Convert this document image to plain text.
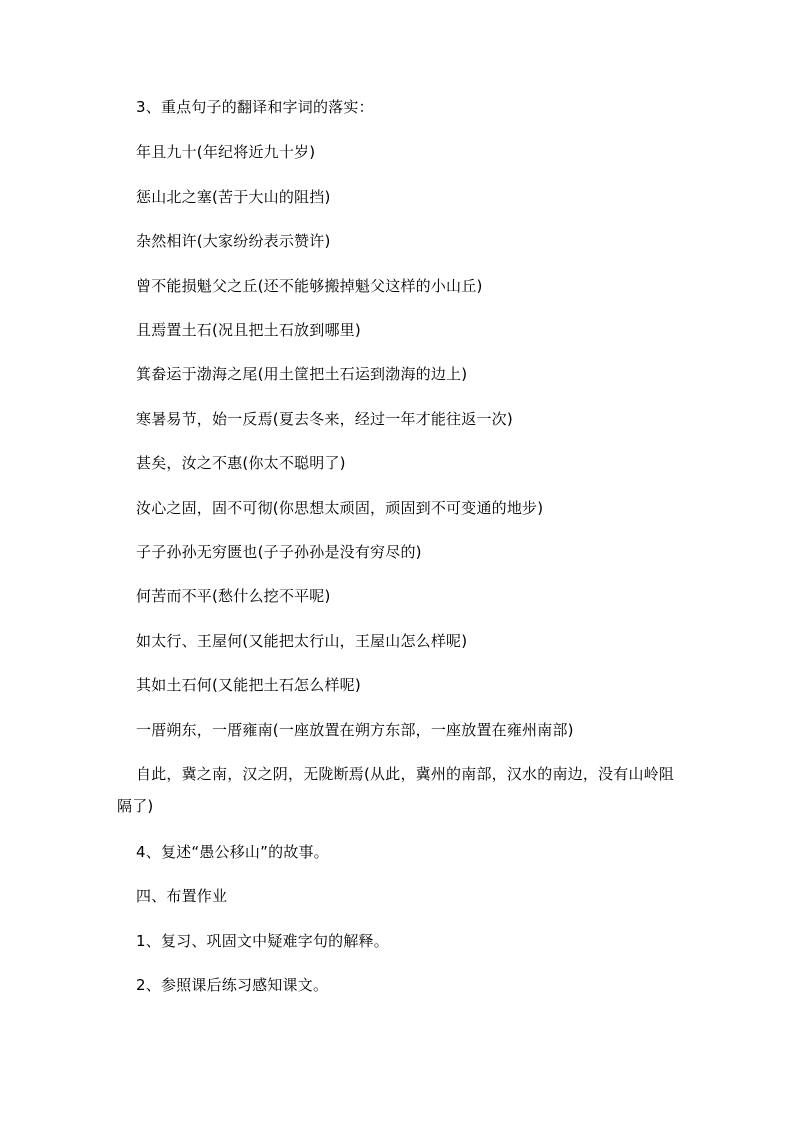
3、重点句子的翻译和字词的落实：
年且九十(年纪将近九十岁)
惩山北之塞(苦于大山的阻挡)
杂然相许(大家纷纷表示赞许)
曾不能损魁父之丘(还不能够搬掉魁父这样的小山丘)
且焉置土石(况且把土石放到哪里)
箕畚运于渤海之尾(用土筐把土石运到渤海的边上)
寒暑易节，始一反焉(夏去冬来，经过一年才能往返一次)
甚矣，汝之不惠(你太不聪明了)
汝心之固，固不可彻(你思想太顽固，顽固到不可变通的地步)
子子孙孙无穷匮也(子子孙孙是没有穷尽的)
何苦而不平(愁什么挖不平呢)
如太行、王屋何(又能把太行山，王屋山怎么样呢)
其如土石何(又能把土石怎么样呢)
一厝朔东，一厝雍南(一座放置在朔方东部，一座放置在雍州南部)
自此，冀之南，汉之阴，无陇断焉(从此，冀州的南部，汉水的南边，没有山岭阻隔了)
4、复述“愚公移山”的故事。
四、布置作业
1、复习、巩固文中疑难字句的解释。
2、参照课后练习感知课文。
